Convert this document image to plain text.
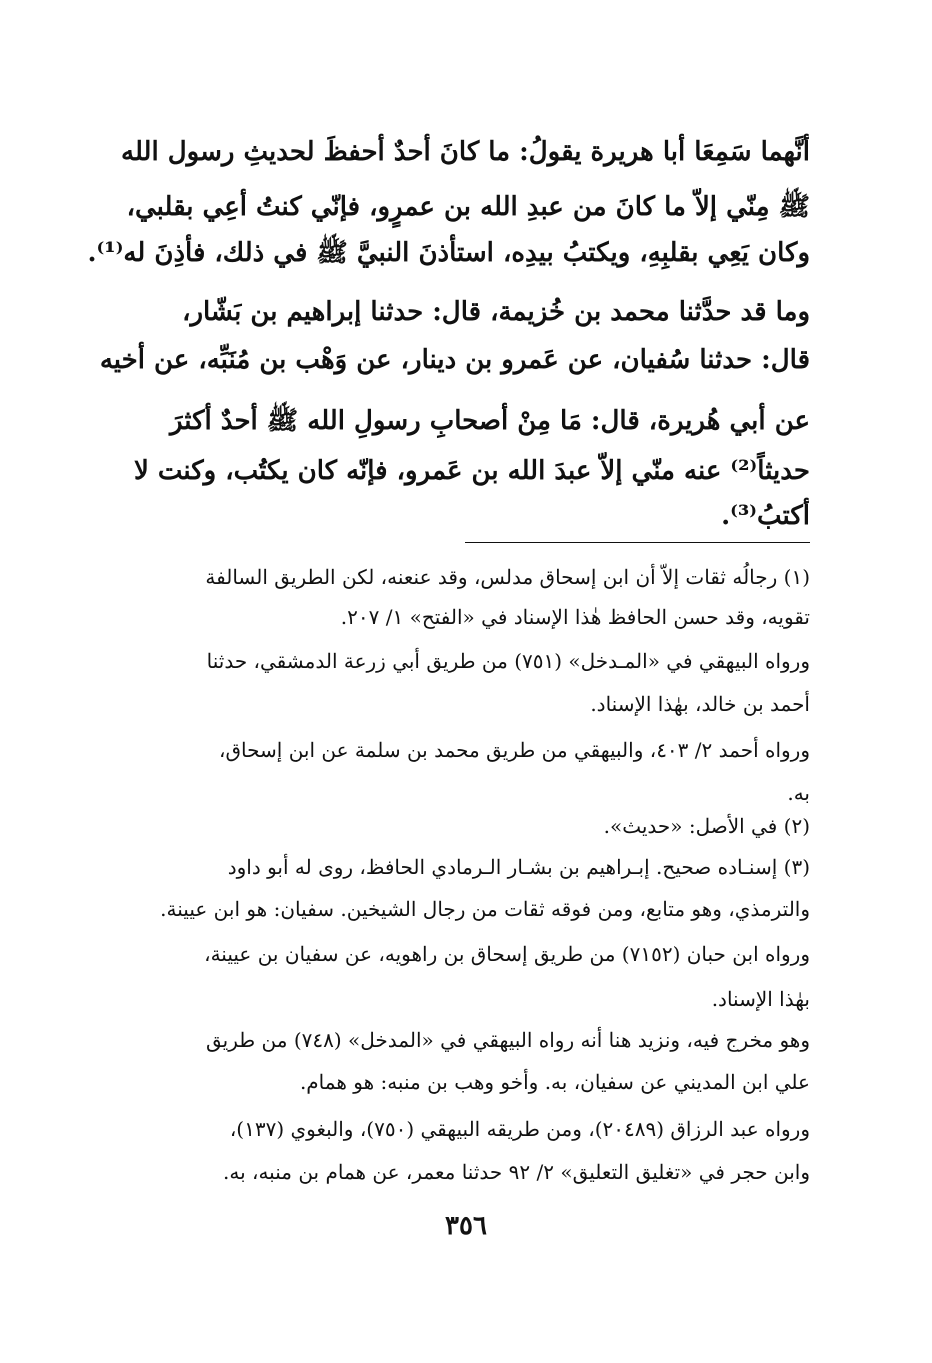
أنَّهما سَمِعَا أبا هريرة يقولُ: ما كانَ أحدٌ أحفظَ لحديثِ رسول الله
ﷺ مِنّي إلاّ ما كانَ من عبدِ الله بن عمرٍو، فإنّي كنتُ أعِي بقلبي،
وكان يَعِي بقلبِهِ، ويكتبُ بيدِه، استأذنَ النبيَّ ﷺ في ذلك، فأذِنَ له⁽¹⁾.
وما قد حدَّثنا محمد بن خُزيمة، قال: حدثنا إبراهيم بن بَشّار،
قال: حدثنا سُفيان، عن عَمرو بن دينار، عن وَهْب بن مُنَبِّه، عن أخيه
عن أبي هُريرة، قال: مَا مِنْ أصحابِ رسولِ الله ﷺ أحدٌ أكثرَ
حديثاً⁽²⁾ عنه منّي إلاّ عبدَ الله بن عَمرو، فإنّه كان يكتُب، وكنت لا
أكتبُ⁽³⁾.
(١) رجالُه ثقات إلاّ أن ابن إسحاق مدلس، وقد عنعنه، لكن الطريق السالفة
تقويه، وقد حسن الحافظ هٰذا الإسناد في «الفتح» ١/ ٢٠٧.
ورواه البيهقي في «المـدخل» (٧٥١) من طريق أبي زرعة الدمشقي، حدثنا
أحمد بن خالد، بهٰذا الإسناد.
ورواه أحمد ٢/ ٤٠٣، والبيهقي من طريق محمد بن سلمة عن ابن إسحاق،
به.
(٢) في الأصل: «حديث».
(٣) إسنـاده صحيح. إبـراهيم بن بشـار الـرمادي الحافظ، روى له أبو داود
والترمذي، وهو متابع، ومن فوقه ثقات من رجال الشيخين. سفيان: هو ابن عيينة.
ورواه ابن حبان (٧١٥٢) من طريق إسحاق بن راهويه، عن سفيان بن عيينة،
بهٰذا الإسناد.
وهو مخرج فيه، ونزيد هنا أنه رواه البيهقي في «المدخل» (٧٤٨) من طريق
علي ابن المديني عن سفيان، به. وأخو وهب بن منبه: هو همام.
ورواه عبد الرزاق (٢٠٤٨٩)، ومن طريقه البيهقي (٧٥٠)، والبغوي (١٣٧)،
وابن حجر في «تغليق التعليق» ٢/ ٩٢ حدثنا معمر، عن همام بن منبه، به.
٣٥٦
